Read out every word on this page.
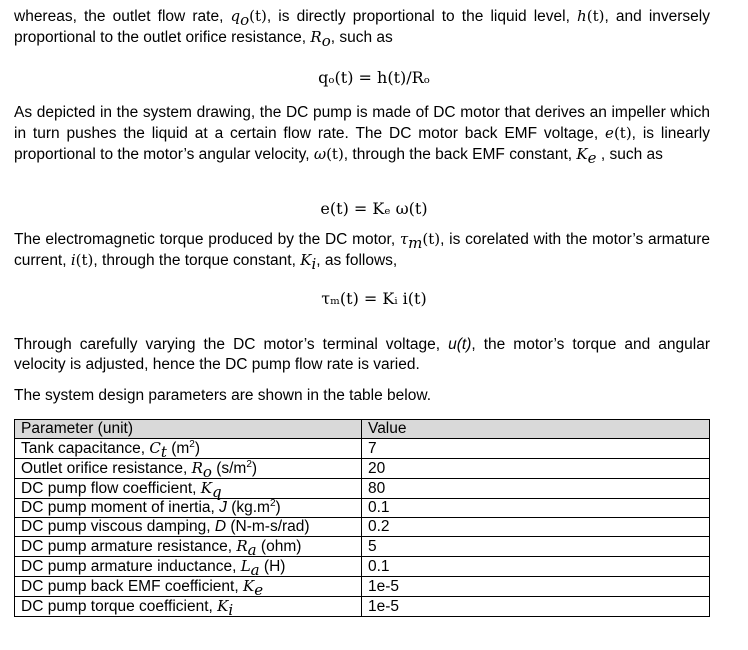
whereas, the outlet flow rate, $q_o(t)$, is directly proportional to the liquid level, h(t), and inversely proportional to the outlet orifice resistance, $R_o$, such as

qₒ(t) = h(t)/Rₒ

As depicted in the system drawing, the DC pump is made of DC motor that derives an impeller which in turn pushes the liquid at a certain flow rate. The DC motor back EMF voltage, e(t), is linearly proportional to the motor’s angular velocity, ω(t), through the back EMF constant, $K_e$ , such as

e(t) = Kₑ ω(t)

The electromagnetic torque produced by the DC motor, $\tau_m(t)$, is corelated with the motor’s armature current, i(t), through the torque constant, $K_i$, as follows,

τₘ(t) = Kᵢ i(t)

Through carefully varying the DC motor’s terminal voltage, u(t), the motor’s torque and angular velocity is adjusted, hence the DC pump flow rate is varied.

The system design parameters are shown in the table below.

Parameter (unit)	Value
Tank capacitance, $C_t$ $(m^2)$	7
Outlet orifice resistance, $R_o$ $(s/m^2)$	20
DC pump flow coefficient, $K_q$	80
DC pump moment of inertia, J $(kg.m^2)$	0.1
DC pump viscous damping, D (N-m-s/rad)	0.2
DC pump armature resistance, $R_a$ (ohm)	5
DC pump armature inductance, $L_a$ (H)	0.1
DC pump back EMF coefficient, $K_e$	1e-5
DC pump torque coefficient, $K_i$	1e-5
